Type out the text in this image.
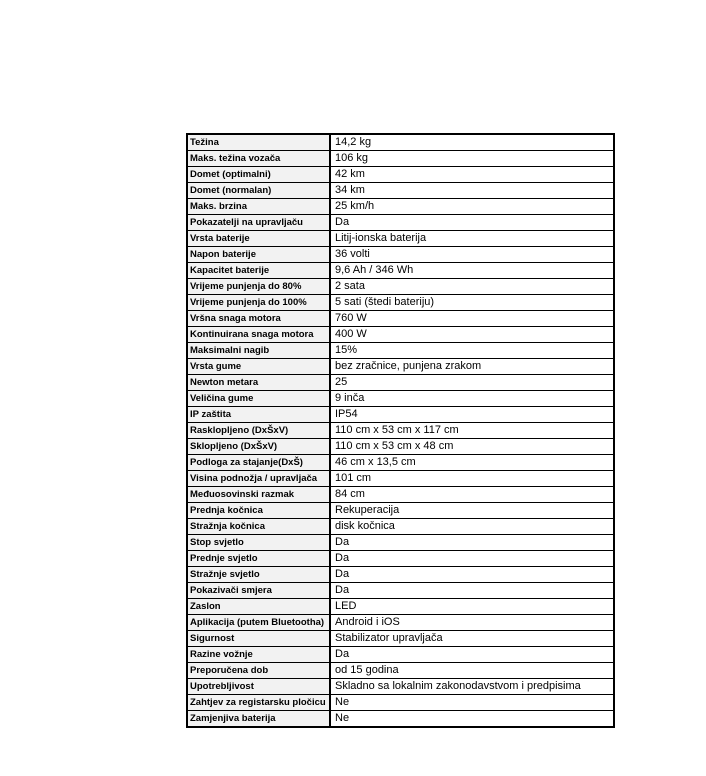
Težina	14,2 kg
Maks. težina vozača	106 kg
Domet (optimalni)	42 km
Domet (normalan)	34 km
Maks. brzina	25 km/h
Pokazatelji na upravljaču	Da
Vrsta baterije	Litij-ionska baterija
Napon baterije	36 volti
Kapacitet baterije	9,6 Ah / 346 Wh
Vrijeme punjenja do 80%	2 sata
Vrijeme punjenja do 100%	5 sati (štedi bateriju)
Vršna snaga motora	760 W
Kontinuirana snaga motora	400 W
Maksimalni nagib	15%
Vrsta gume	bez zračnice, punjena zrakom
Newton metara	25
Veličina gume	9 inča
IP zaštita	IP54
Rasklopljeno (DxŠxV)	110 cm x 53 cm x 117 cm
Sklopljeno (DxŠxV)	110 cm x 53 cm x 48 cm
Podloga za stajanje(DxŠ)	46 cm x 13,5 cm
Visina podnožja / upravljača	101 cm
Međuosovinski razmak	84 cm
Prednja kočnica	Rekuperacija
Stražnja kočnica	disk kočnica
Stop svjetlo	Da
Prednje svjetlo	Da
Stražnje svjetlo	Da
Pokazivači smjera	Da
Zaslon	LED
Aplikacija (putem Bluetootha)	Android i iOS
Sigurnost	Stabilizator upravljača
Razine vožnje	Da
Preporučena dob	od 15 godina
Upotrebljivost	Skladno sa lokalnim zakonodavstvom i predpisima
Zahtjev za registarsku pločicu	Ne
Zamjenjiva baterija	Ne
